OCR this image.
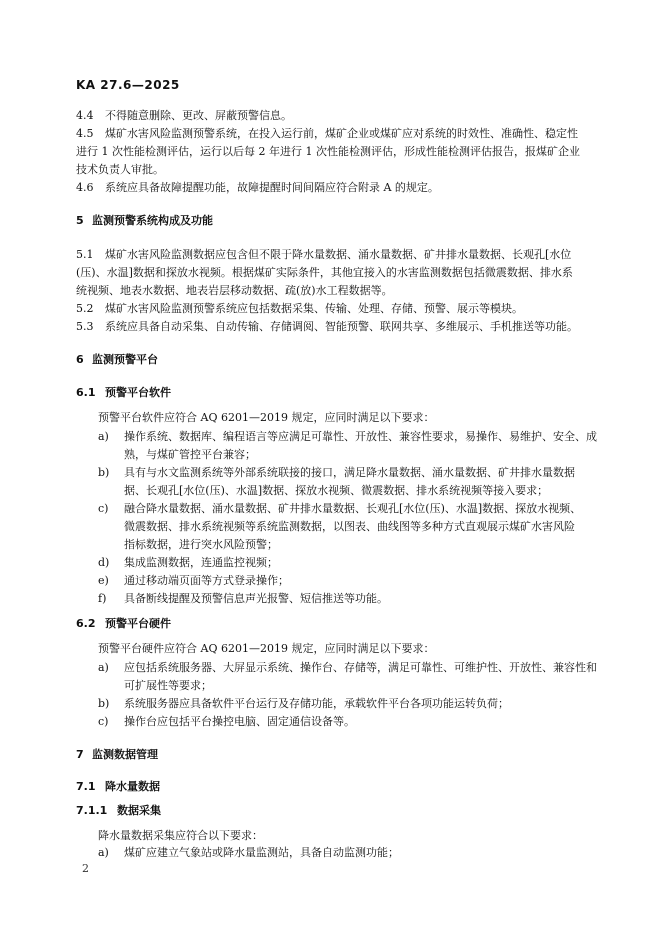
KA 27.6—2025
4.4 不得随意删除、更改、屏蔽预警信息。
4.5 煤矿水害风险监测预警系统，在投入运行前，煤矿企业或煤矿应对系统的时效性、准确性、稳定性
进行 1 次性能检测评估，运行以后每 2 年进行 1 次性能检测评估，形成性能检测评估报告，报煤矿企业
技术负责人审批。
4.6 系统应具备故障提醒功能，故障提醒时间间隔应符合附录 A 的规定。
5 监测预警系统构成及功能
5.1 煤矿水害风险监测数据应包含但不限于降水量数据、涌水量数据、矿井排水量数据、长观孔[水位
(压)、水温]数据和探放水视频。根据煤矿实际条件，其他宜接入的水害监测数据包括微震数据、排水系
统视频、地表水数据、地表岩层移动数据、疏(放)水工程数据等。
5.2 煤矿水害风险监测预警系统应包括数据采集、传输、处理、存储、预警、展示等模块。
5.3 系统应具备自动采集、自动传输、存储调阅、智能预警、联网共享、多维展示、手机推送等功能。
6 监测预警平台
6.1 预警平台软件
预警平台软件应符合 AQ 6201—2019 规定，应同时满足以下要求：
a) 操作系统、数据库、编程语言等应满足可靠性、开放性、兼容性要求，易操作、易维护、安全、成
熟，与煤矿管控平台兼容；
b) 具有与水文监测系统等外部系统联接的接口，满足降水量数据、涌水量数据、矿井排水量数据
据、长观孔[水位(压)、水温]数据、探放水视频、微震数据、排水系统视频等接入要求；
c) 融合降水量数据、涌水量数据、矿井排水量数据、长观孔[水位(压)、水温]数据、探放水视频、
微震数据、排水系统视频等系统监测数据，以图表、曲线图等多种方式直观展示煤矿水害风险
指标数据，进行突水风险预警；
d) 集成监测数据，连通监控视频；
e) 通过移动端页面等方式登录操作；
f) 具备断线提醒及预警信息声光报警、短信推送等功能。
6.2 预警平台硬件
预警平台硬件应符合 AQ 6201—2019 规定，应同时满足以下要求：
a) 应包括系统服务器、大屏显示系统、操作台、存储等，满足可靠性、可维护性、开放性、兼容性和
可扩展性等要求；
b) 系统服务器应具备软件平台运行及存储功能，承载软件平台各项功能运转负荷；
c) 操作台应包括平台操控电脑、固定通信设备等。
7 监测数据管理
7.1 降水量数据
7.1.1 数据采集
降水量数据采集应符合以下要求：
a) 煤矿应建立气象站或降水量监测站，具备自动监测功能；
2
